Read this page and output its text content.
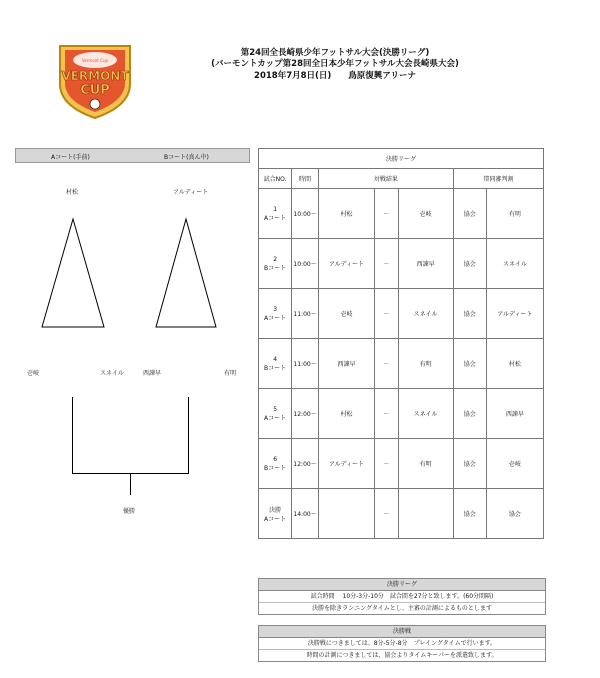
Vermont Cup
VERMONT
CUP
第24回全長崎県少年フットサル大会(決勝リーグ)
(バーモントカップ第28回全日本少年フットサル大会長崎県大会)
2018年7月8日(日)　　鳥原復興アリーナ
Aコート(手前)	Bコート(真ん中)
村松	アルディート
壱岐	スネイル	西諫早	有明
優勝
決勝リーグ						
試合NO.	時間	対戦結果			帯同審判割	

1
Aコート	10:00～	村松	－	壱岐	協会	有明

2
Bコート	10:00～	アルディート	－	西諫早	協会	スネイル

3
Aコート	11:00～	壱岐	－	スネイル	協会	アルディート

4
Bコート	11:00～	西諫早	－	有明	協会	村松

5
Aコート	12:00～	村松	－	スネイル	協会	西諫早

6
Bコート	12:00～	アルディート	－	有明	協会	壱岐

決勝
Aコート	14:00～		－		協会	協会
決勝リーグ
試合時間　 10分-3分-10分　試合間を27分と致します。(60分間隔)
決勝を除きランニングタイムとし、主審の計測によるものとします
決勝戦
決勝戦につきましては、8分-5分-8分　プレイングタイムで行います。
時間の計測につきましては、協会よりタイムキーパーを派遣致します。
